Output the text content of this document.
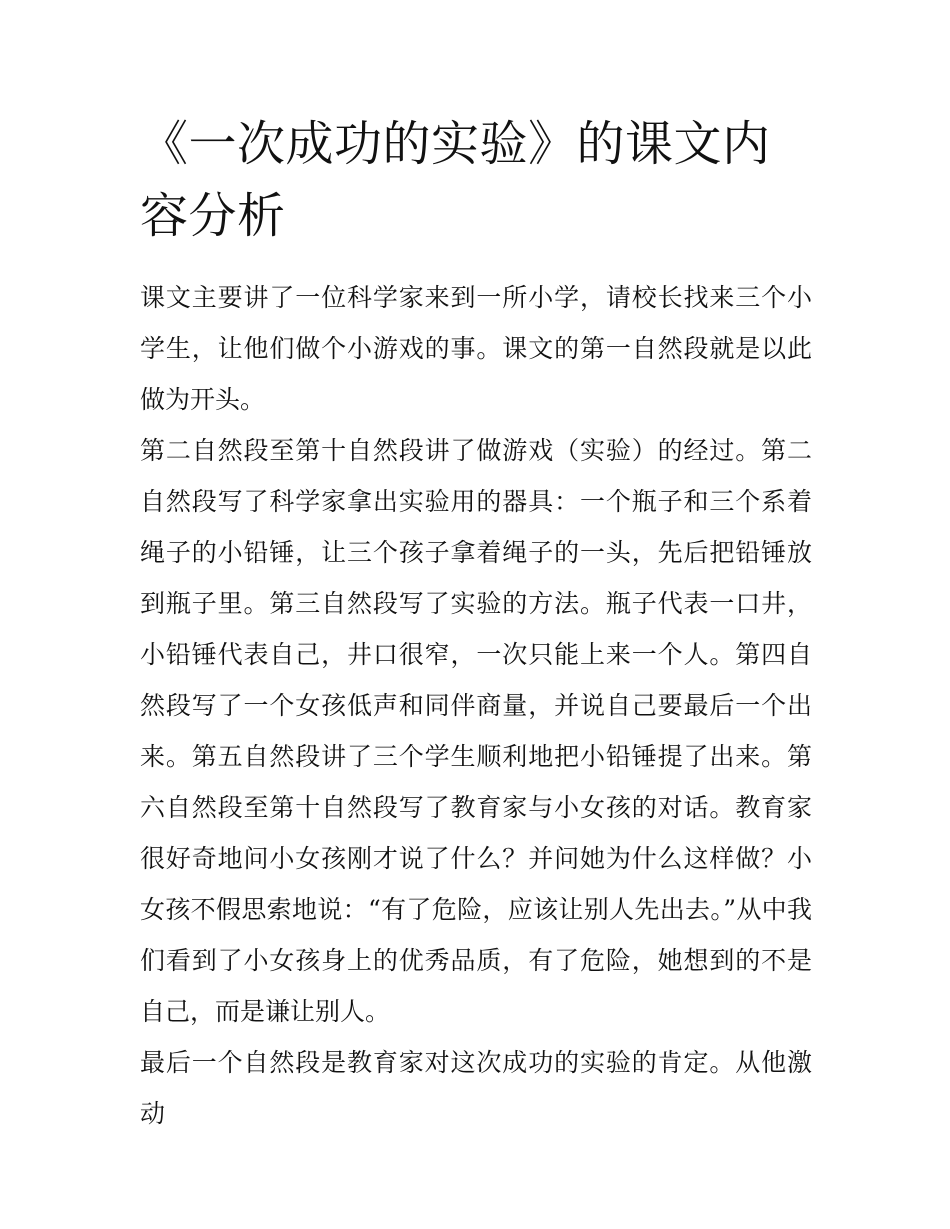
《一次成功的实验》的课文内容分析

课文主要讲了一位科学家来到一所小学，请校长找来三个小学生，让他们做个小游戏的事。课文的第一自然段就是以此做为开头。

第二自然段至第十自然段讲了做游戏（实验）的经过。第二自然段写了科学家拿出实验用的器具：一个瓶子和三个系着绳子的小铅锤，让三个孩子拿着绳子的一头，先后把铅锤放到瓶子里。第三自然段写了实验的方法。瓶子代表一口井，小铅锤代表自己，井口很窄，一次只能上来一个人。第四自然段写了一个女孩低声和同伴商量，并说自己要最后一个出来。第五自然段讲了三个学生顺利地把小铅锤提了出来。第六自然段至第十自然段写了教育家与小女孩的对话。教育家很好奇地问小女孩刚才说了什么？并问她为什么这样做？小女孩不假思索地说：“有了危险，应该让别人先出去。”从中我们看到了小女孩身上的优秀品质，有了危险，她想到的不是自己，而是谦让别人。

最后一个自然段是教育家对这次成功的实验的肯定。从他激动
